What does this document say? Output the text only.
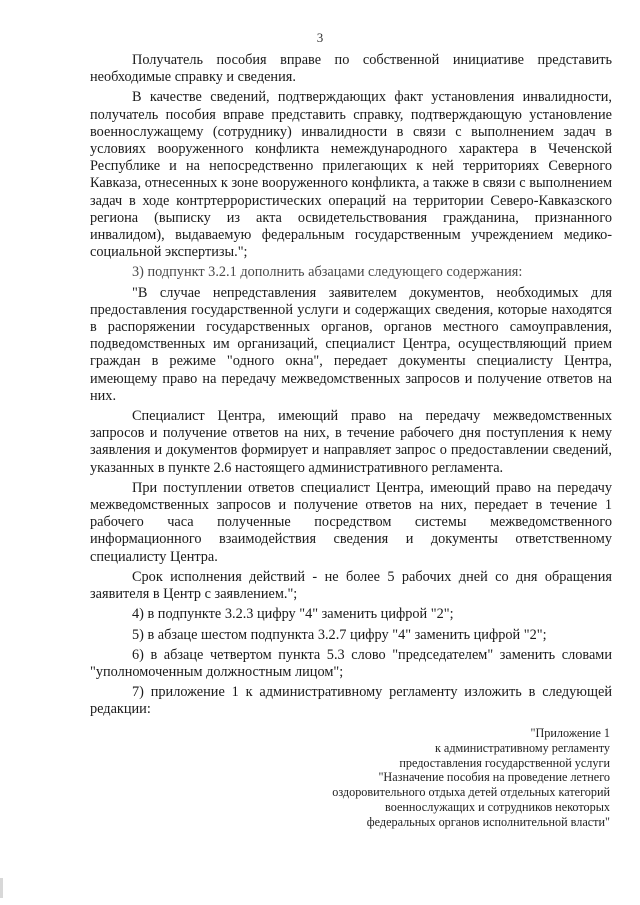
3

Получатель пособия вправе по собственной инициативе представить необходимые справку и сведения.

В качестве сведений, подтверждающих факт установления инвалидности, получатель пособия вправе представить справку, подтверждающую установление военнослужащему (сотруднику) инвалидности в связи с выполнением задач в условиях вооруженного конфликта немеждународного характера в Чеченской Республике и на непосредственно прилегающих к ней территориях Северного Кавказа, отнесенных к зоне вооруженного конфликта, а также в связи с выполнением задач в ходе контртеррористических операций на территории Северо-Кавказского региона (выписку из акта освидетельствования гражданина, признанного инвалидом), выдаваемую федеральным государственным учреждением медико-социальной экспертизы.";

3) подпункт 3.2.1 дополнить абзацами следующего содержания:

"В случае непредставления заявителем документов, необходимых для предоставления государственной услуги и содержащих сведения, которые находятся в распоряжении государственных органов, органов местного самоуправления, подведомственных им организаций, специалист Центра, осуществляющий прием граждан в режиме "одного окна", передает документы специалисту Центра, имеющему право на передачу межведомственных запросов и получение ответов на них.

Специалист Центра, имеющий право на передачу межведомственных запросов и получение ответов на них, в течение рабочего дня поступления к нему заявления и документов формирует и направляет запрос о предоставлении сведений, указанных в пункте 2.6 настоящего административного регламента.

При поступлении ответов специалист Центра, имеющий право на передачу межведомственных запросов и получение ответов на них, передает в течение 1 рабочего часа полученные посредством системы межведомственного информационного взаимодействия сведения и документы ответственному специалисту Центра.

Срок исполнения действий - не более 5 рабочих дней со дня обращения заявителя в Центр с заявлением.";

4) в подпункте 3.2.3 цифру "4" заменить цифрой "2";

5) в абзаце шестом подпункта 3.2.7 цифру "4" заменить цифрой "2";

6) в абзаце четвертом пункта 5.3 слово "председателем" заменить словами "уполномоченным должностным лицом";

7) приложение 1 к административному регламенту изложить в следующей редакции:

"Приложение 1
к административному регламенту
предоставления государственной услуги
"Назначение пособия на проведение летнего
оздоровительного отдыха детей отдельных категорий
военнослужащих и сотрудников некоторых
федеральных органов исполнительной власти"
